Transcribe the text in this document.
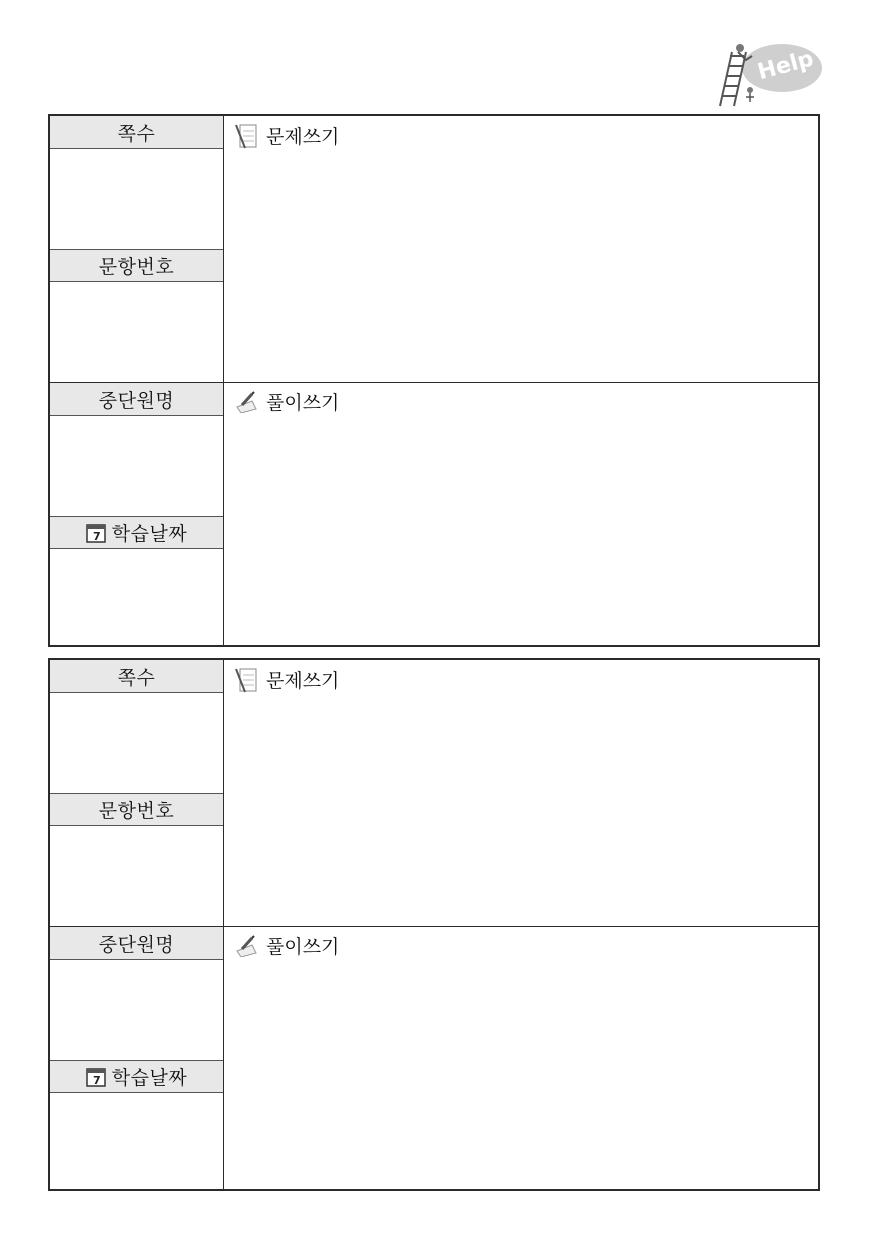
Help
쪽수
문항번호
중단원명
7 학습날짜
문제쓰기
풀이쓰기
쪽수
문항번호
중단원명
7 학습날짜
문제쓰기
풀이쓰기
